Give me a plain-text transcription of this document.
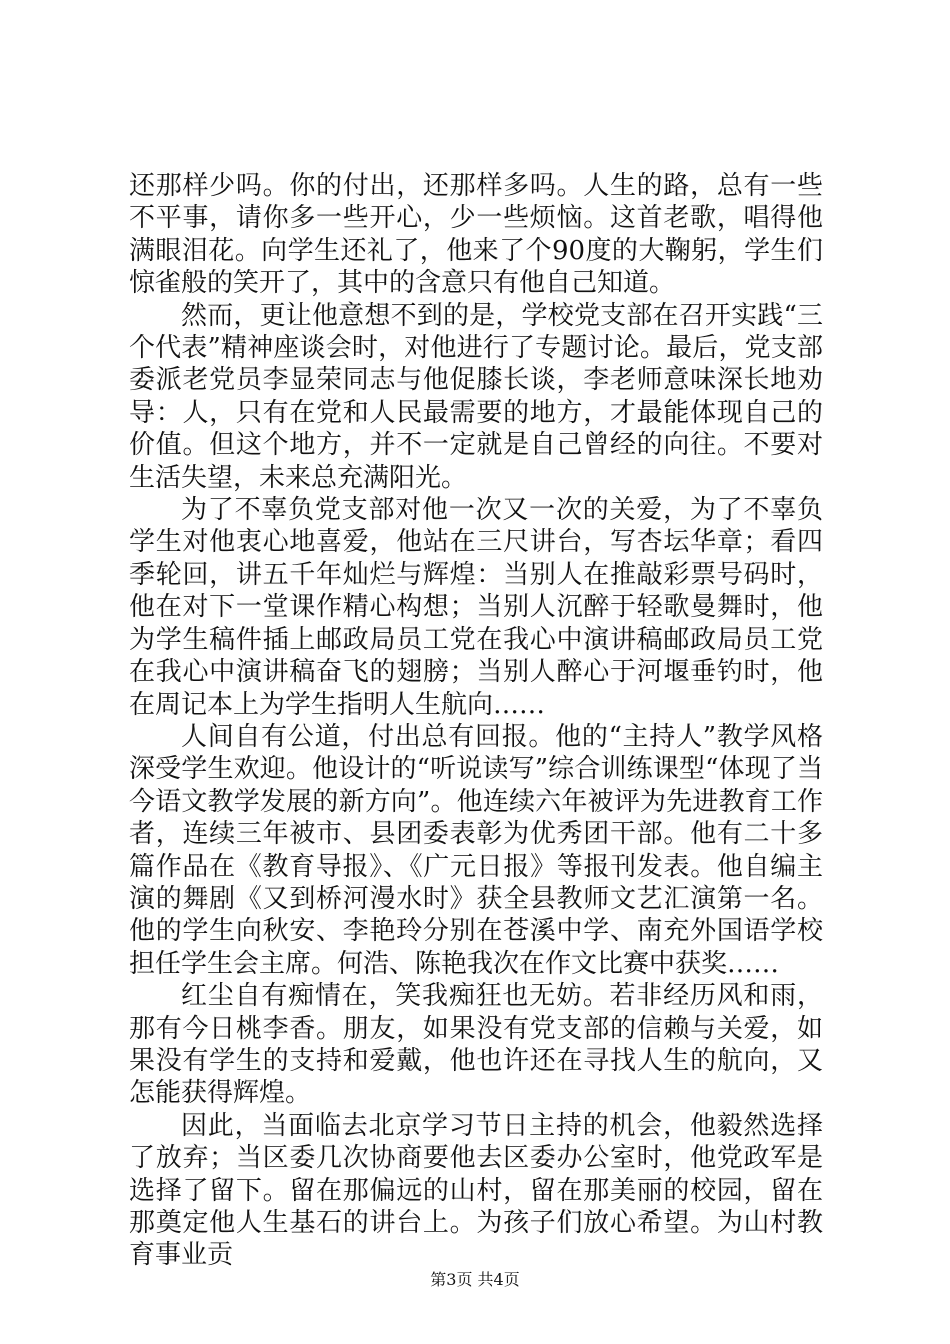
还那样少吗。你的付出，还那样多吗。人生的路，总有一些不平事，请你多一些开心，少一些烦恼。这首老歌，唱得他满眼泪花。向学生还礼了，他来了个90度的大鞠躬，学生们惊雀般的笑开了，其中的含意只有他自己知道。

然而，更让他意想不到的是，学校党支部在召开实践“三个代表”精神座谈会时，对他进行了专题讨论。最后，党支部委派老党员李显荣同志与他促膝长谈，李老师意味深长地劝导：人，只有在党和人民最需要的地方，才最能体现自己的价值。但这个地方，并不一定就是自己曾经的向往。不要对生活失望，未来总充满阳光。

为了不辜负党支部对他一次又一次的关爱，为了不辜负学生对他衷心地喜爱，他站在三尺讲台，写杏坛华章；看四季轮回，讲五千年灿烂与辉煌：当别人在推敲彩票号码时，他在对下一堂课作精心构想；当别人沉醉于轻歌曼舞时，他为学生稿件插上邮政局员工党在我心中演讲稿邮政局员工党在我心中演讲稿奋飞的翅膀；当别人醉心于河堰垂钓时，他在周记本上为学生指明人生航向……

人间自有公道，付出总有回报。他的“主持人”教学风格深受学生欢迎。他设计的“听说读写”综合训练课型“体现了当今语文教学发展的新方向”。他连续六年被评为先进教育工作者，连续三年被市、县团委表彰为优秀团干部。他有二十多篇作品在《教育导报》、《广元日报》等报刊发表。他自编主演的舞剧《又到桥河漫水时》获全县教师文艺汇演第一名。他的学生向秋安、李艳玲分别在苍溪中学、南充外国语学校担任学生会主席。何浩、陈艳我次在作文比赛中获奖……

红尘自有痴情在，笑我痴狂也无妨。若非经历风和雨，那有今日桃李香。朋友，如果没有党支部的信赖与关爱，如果没有学生的支持和爱戴，他也许还在寻找人生的航向，又怎能获得辉煌。

因此，当面临去北京学习节日主持的机会，他毅然选择了放弃；当区委几次协商要他去区委办公室时，他党政军是选择了留下。留在那偏远的山村，留在那美丽的校园，留在那奠定他人生基石的讲台上。为孩子们放心希望。为山村教育事业贡

第3页 共4页
